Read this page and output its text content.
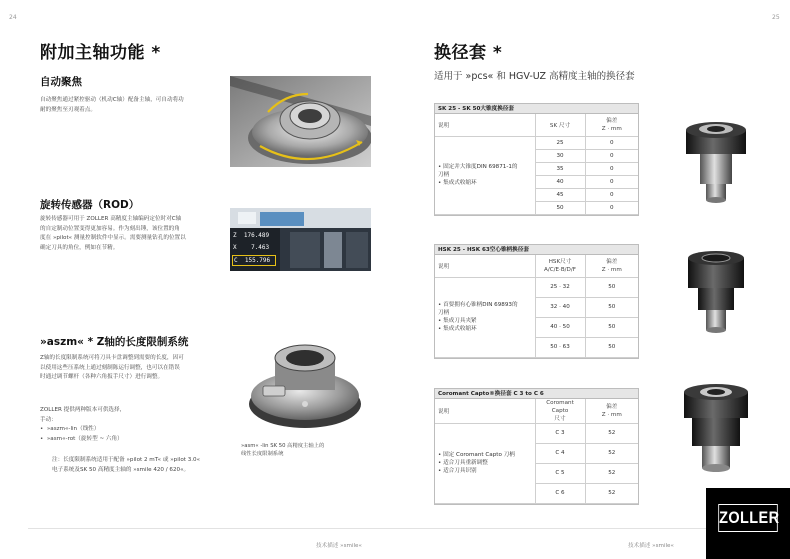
24	25
附加主轴功能 *
自动聚焦
自动聚焦通过紧控驱动（机动C轴）配备主轴，可自动将功
耐的聚焦至刃观着点。
旋转传感器（ROD）
旋转传感器可用于 ZOLLER 高精度主轴编码定位时对C轴
的自定制动位置变得更加容易。作为刻出锤，该位置的角
度在 »pilot« 测量控制软件中显示。需要测量钻孔的位置以
确定刀具的角位，例如在节精。
Z 176.489
X 7.463
C 155.796
»aszm« * Z轴的长度限制系统
Z轴的长度限制系统可将刀具卡盘调整到需要的长度，因可
以使用这些压系统上通过刻制陈运行调整，也可以在错误
时通过调节螺杆（各种六角扳手尺寸）进行调整。
ZOLLER 提供两种版本可供选择，
手动：
•  »aszm«-lin（线性）
•  »asm«-rot（旋转型 ~ 六角）
注：长度限制系统适用于配备 »pilot 2 mT« 或 »pilot 3.0«
电子系统及SK 50 高精度主轴的 »smile 420 / 620«。
»asm« -lin SK 50 高精度主轴上的
线性长度限制系统
技术描述 »smile«
换径套 *
适用于 »pcs« 和 HGV-UZ 高精度主轴的换径套
SK 25 - SK 50大锥度换径套		
说明	SK 尺寸	偏差
Z · mm

• 固定并大锥度DIN 69871-1的
刀柄
• 集成式收缩环	25	0
	30	0
	35	0
	40	0
	45	0
	50	0
HSK 25 - HSK 63空心锥柄换径套		
说明	HSK尺寸
A/C/E·B/D/F	偏差
Z · mm

• 首要拥有心锥柄DIN 69893的
刀柄
• 集成刀具夹紧
• 集成式收缩环	25 · 32	50
	32 · 40	50
	40 · 50	50
	50 · 63	50
Coromant Capto®换径套 C 3 to C 6		
说明	Coromant Capto
尺寸	偏差
Z · mm

• 固定 Coromant Capto 刀柄
• 适合刀具重新调整
• 适合刀具识别	C 3	52
	C 4	52
	C 5	52
	C 6	52
ZOLLER
技术描述 »smile«
